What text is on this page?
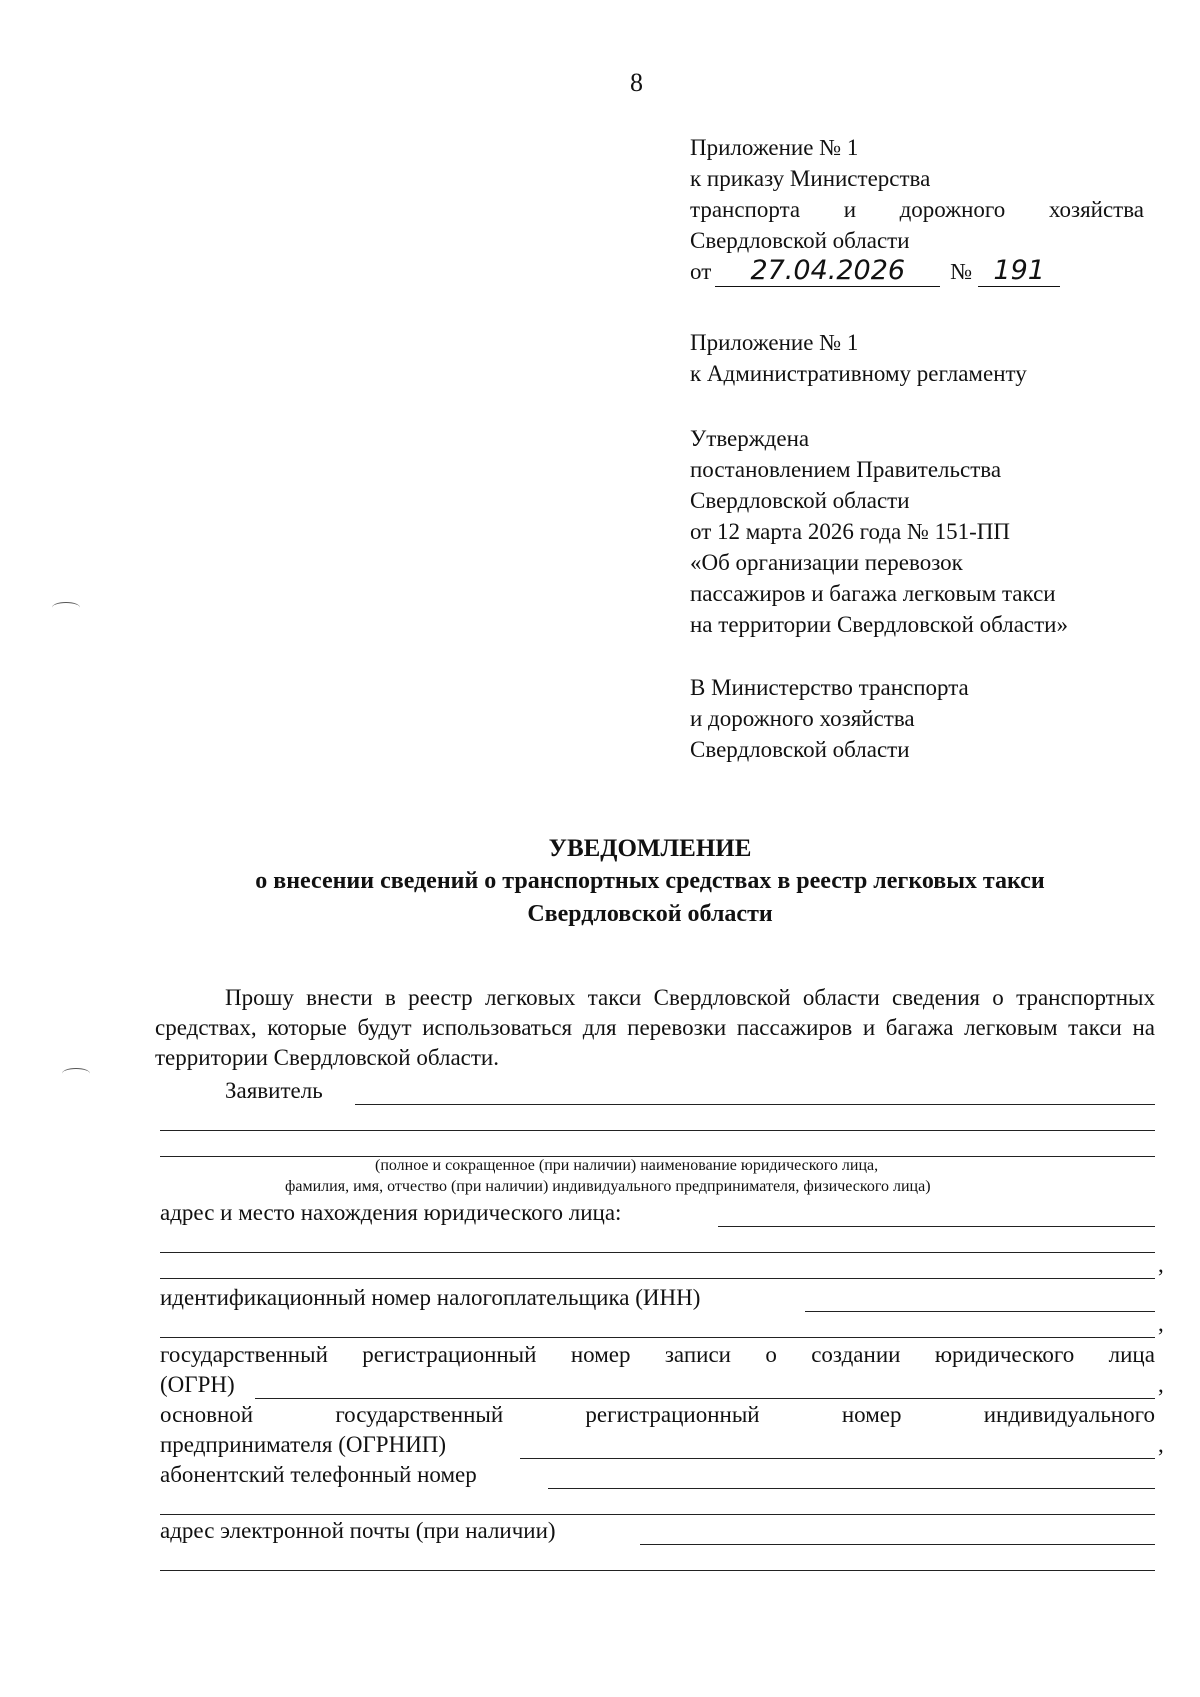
8
Приложение № 1
к приказу Министерства
транспорта и дорожного хозяйства
Свердловской области
от	27.04.2026	№ 191
Приложение № 1
к Административному регламенту
Утверждена
постановлением Правительства
Свердловской области
от 12 марта 2026 года № 151-ПП
«Об организации перевозок
пассажиров и багажа легковым такси
на территории Свердловской области»
В Министерство транспорта
и дорожного хозяйства
Свердловской области
УВЕДОМЛЕНИЕ
о внесении сведений о транспортных средствах в реестр легковых такси
Свердловской области
Прошу внести в реестр легковых такси Свердловской области сведения о транспортных средствах, которые будут использоваться для перевозки пассажиров и багажа легковым такси на территории Свердловской области.
Заявитель
(полное и сокращенное (при наличии) наименование юридического лица,
фамилия, имя, отчество (при наличии) индивидуального предпринимателя, физического лица)
адрес и место нахождения юридического лица:
,
идентификационный номер налогоплательщика (ИНН)
,
государственный регистрационный номер записи о создании юридического лица
(ОГРН)	,
основной	государственный	регистрационный	номер	индивидуального
предпринимателя (ОГРНИП)	,
абонентский телефонный номер
адрес электронной почты (при наличии)
